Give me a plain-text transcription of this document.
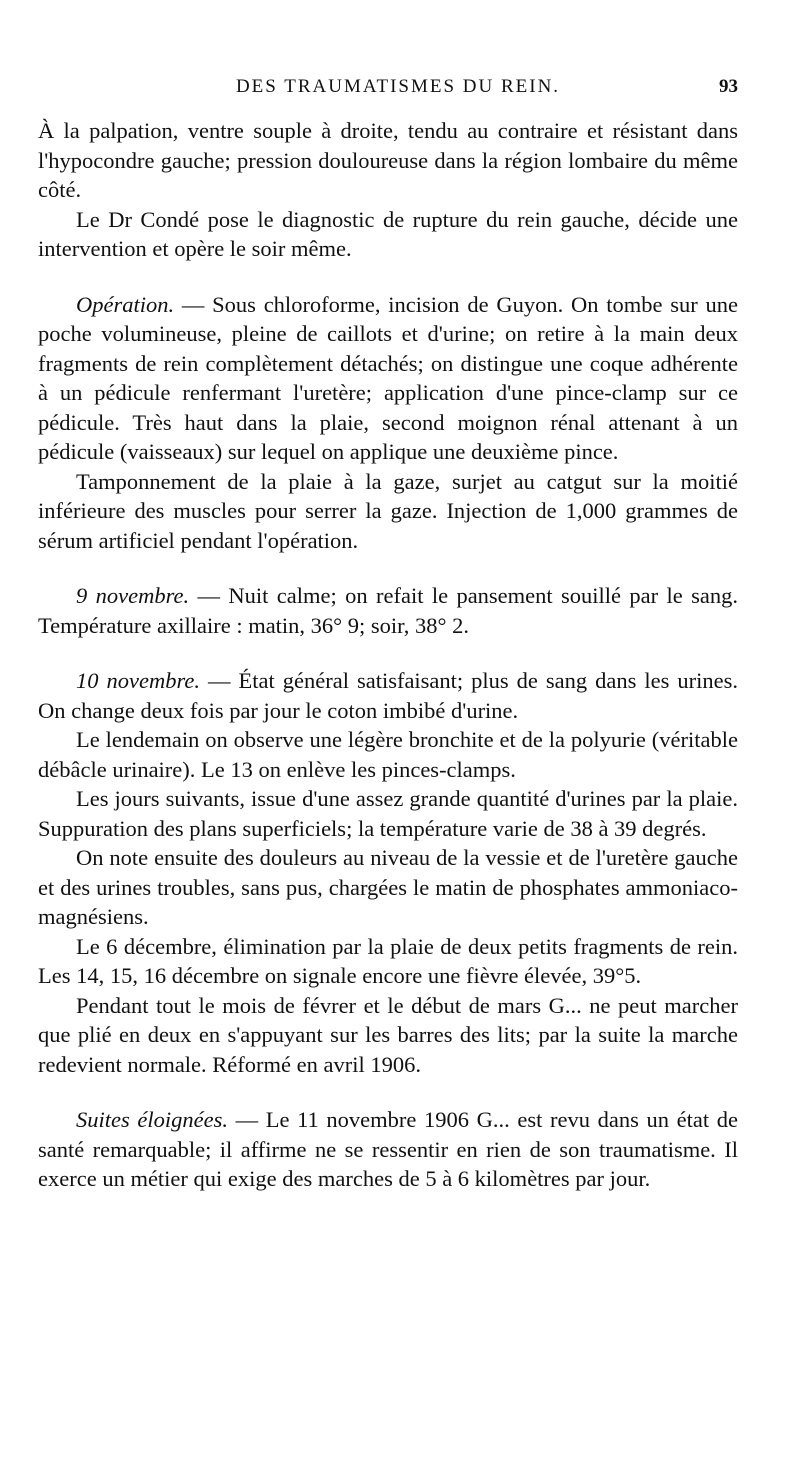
DES TRAUMATISMES DU REIN.	93

À la palpation, ventre souple à droite, tendu au contraire et résistant dans l'hypocondre gauche; pression douloureuse dans la région lombaire du même côté.

Le Dr Condé pose le diagnostic de rupture du rein gauche, décide une intervention et opère le soir même.

Opération. — Sous chloroforme, incision de Guyon. On tombe sur une poche volumineuse, pleine de caillots et d'urine; on retire à la main deux fragments de rein complètement détachés; on distingue une coque adhérente à un pédicule renfermant l'uretère; application d'une pince-clamp sur ce pédicule. Très haut dans la plaie, second moignon rénal attenant à un pédicule (vaisseaux) sur lequel on applique une deuxième pince.

Tamponnement de la plaie à la gaze, surjet au catgut sur la moitié inférieure des muscles pour serrer la gaze. Injection de 1,000 grammes de sérum artificiel pendant l'opération.

9 novembre. — Nuit calme; on refait le pansement souillé par le sang. Température axillaire : matin, 36° 9; soir, 38° 2.

10 novembre. — État général satisfaisant; plus de sang dans les urines. On change deux fois par jour le coton imbibé d'urine.

Le lendemain on observe une légère bronchite et de la polyurie (véritable débâcle urinaire). Le 13 on enlève les pinces-clamps.

Les jours suivants, issue d'une assez grande quantité d'urines par la plaie. Suppuration des plans superficiels; la température varie de 38 à 39 degrés.

On note ensuite des douleurs au niveau de la vessie et de l'uretère gauche et des urines troubles, sans pus, chargées le matin de phosphates ammoniaco-magnésiens.

Le 6 décembre, élimination par la plaie de deux petits fragments de rein. Les 14, 15, 16 décembre on signale encore une fièvre élevée, 39°5.

Pendant tout le mois de févrer et le début de mars G... ne peut marcher que plié en deux en s'appuyant sur les barres des lits; par la suite la marche redevient normale. Réformé en avril 1906.

Suites éloignées. — Le 11 novembre 1906 G... est revu dans un état de santé remarquable; il affirme ne se ressentir en rien de son traumatisme. Il exerce un métier qui exige des marches de 5 à 6 kilomètres par jour.
